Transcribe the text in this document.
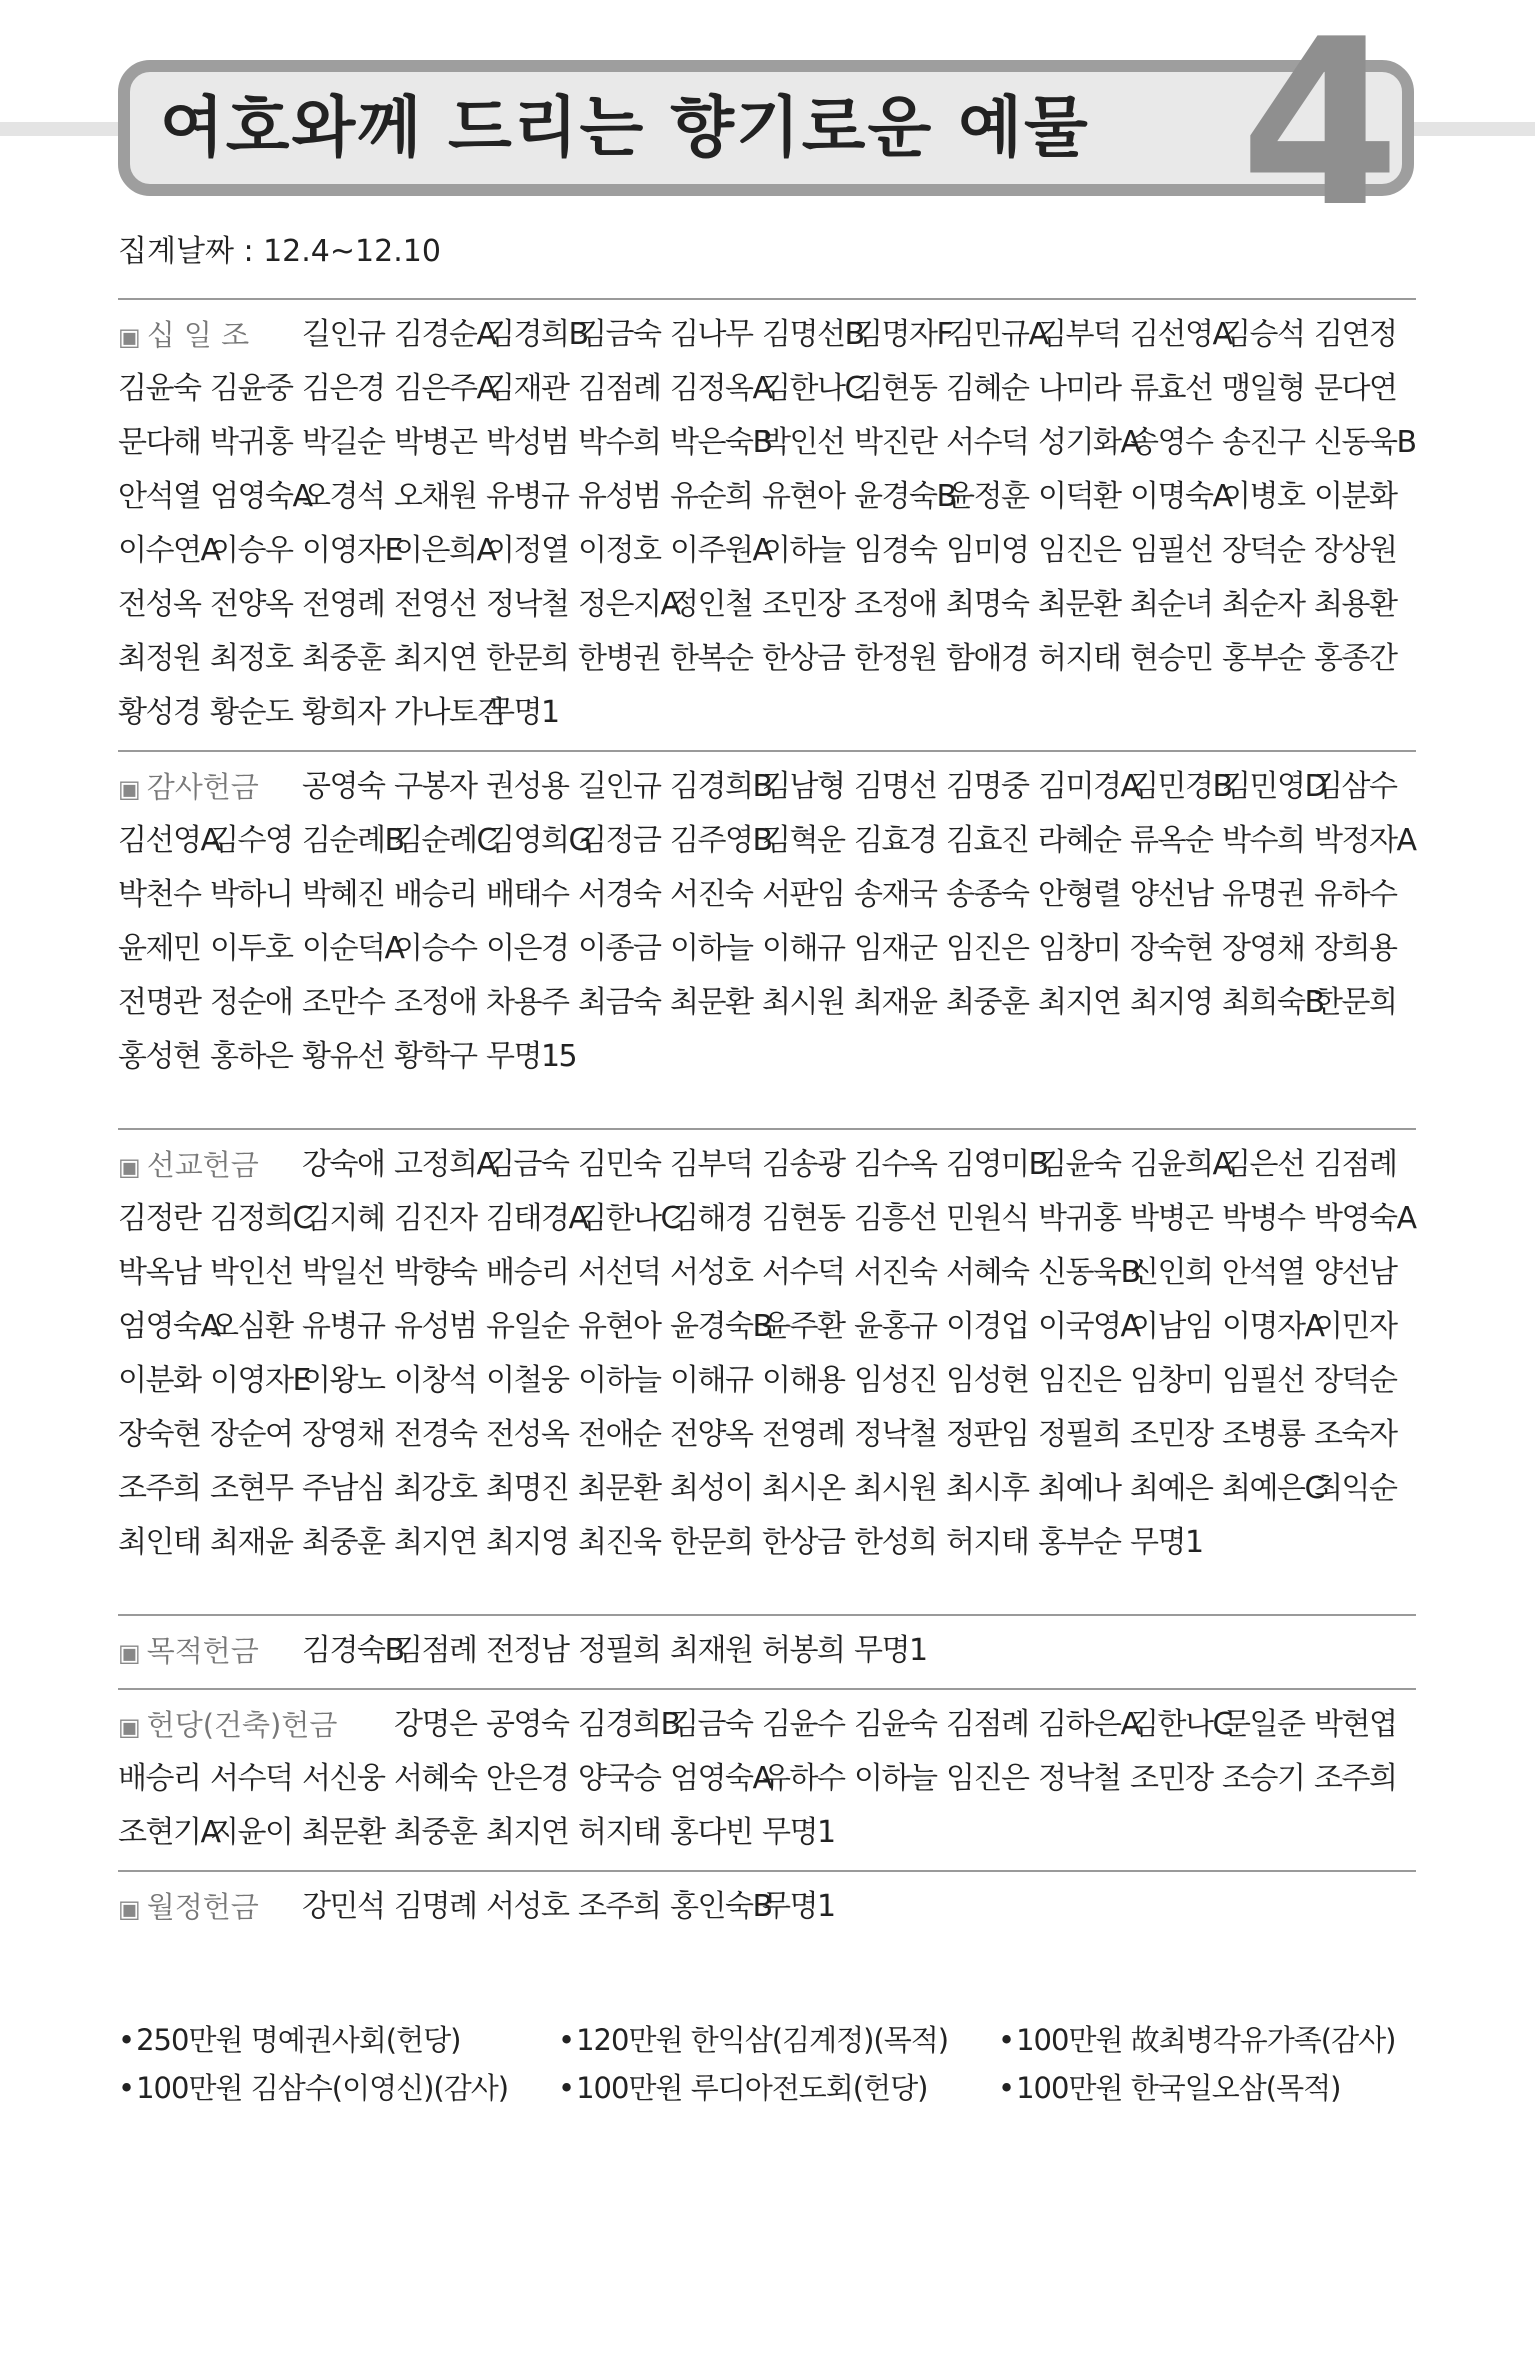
여호와께 드리는 향기로운 예물 4
집계날짜 : 12.4~12.10
▣ 십 일 조	길인규 김경순A
김경희B
김금숙 김나무 김명선B
김명자F
김민규A
김부덕 김선영A
김승석 김연정
김윤숙 김윤중 김은경 김은주A
김재관 김점례 김정옥A
김한나C
김현동 김혜순 나미라 류효선 맹일형 문다연
문다해 박귀홍 박길순 박병곤 박성범 박수희 박은숙B
박인선 박진란 서수덕 성기화A
송영수 송진구 신동욱B
안석열 엄영숙A
오경석 오채원 유병규 유성범 유순희 유현아 윤경숙B
윤정훈 이덕환 이명숙A
이병호 이분화
이수연A
이승우 이영자E
이은희A
이정열 이정호 이주원A
이하늘 임경숙 임미영 임진은 임필선 장덕순 장상원
전성옥 전양옥 전영례 전영선 정낙철 정은지A
정인철 조민장 조정애 최명숙 최문환 최순녀 최순자 최용환
최정원 최정호 최중훈 최지연 한문희 한병권 한복순 한상금 한정원 함애경 허지태 현승민 홍부순 홍종간
황성경 황순도 황희자 가나토건
무명1
▣ 감사헌금	공영숙 구봉자 권성용 길인규 김경희B
김남형 김명선 김명중 김미경A
김민경B
김민영D
김삼수
김선영A
김수영 김순례B
김순례C
김영희G
김정금 김주영B
김혁운 김효경 김효진 라혜순 류옥순 박수희 박정자A
박천수 박하니 박혜진 배승리 배태수 서경숙 서진숙 서판임 송재국 송종숙 안형렬 양선남 유명권 유하수
윤제민 이두호 이순덕A
이승수 이은경 이종금 이하늘 이해규 임재군 임진은 임창미 장숙현 장영채 장희용
전명관 정순애 조만수 조정애 차용주 최금숙 최문환 최시원 최재윤 최중훈 최지연 최지영 최희숙B
한문희
홍성현 홍하은 황유선 황학구 무명15
▣ 선교헌금	강숙애 고정희A
김금숙 김민숙 김부덕 김송광 김수옥 김영미B
김윤숙 김윤희A
김은선 김점례
김정란 김정희C
김지혜 김진자 김태경A
김한나C
김해경 김현동 김흥선 민원식 박귀홍 박병곤 박병수 박영숙A
박옥남 박인선 박일선 박향숙 배승리 서선덕 서성호 서수덕 서진숙 서혜숙 신동욱B
신인희 안석열 양선남
엄영숙A
오심환 유병규 유성범 유일순 유현아 윤경숙B
윤주환 윤홍규 이경업 이국영A
이남임 이명자A
이민자
이분화 이영자E
이왕노 이창석 이철웅 이하늘 이해규 이해용 임성진 임성현 임진은 임창미 임필선 장덕순
장숙현 장순여 장영채 전경숙 전성옥 전애순 전양옥 전영례 정낙철 정판임 정필희 조민장 조병룡 조숙자
조주희 조현무 주남심 최강호 최명진 최문환 최성이 최시온 최시원 최시후 최예나 최예은 최예은C
최익순
최인태 최재윤 최중훈 최지연 최지영 최진욱 한문희 한상금 한성희 허지태 홍부순 무명1
▣ 목적헌금	김경숙B
김점례 전정남 정필희 최재원 허봉희 무명1
▣ 헌당(건축)헌금	강명은 공영숙 김경희B
김금숙 김윤수 김윤숙 김점례 김하은A
김한나C
문일준 박현엽
배승리 서수덕 서신웅 서혜숙 안은경 양국승 엄영숙A
유하수 이하늘 임진은 정낙철 조민장 조승기 조주희
조현기A
지윤이 최문환 최중훈 최지연 허지태 홍다빈 무명1
▣ 월정헌금	강민석 김명례 서성호 조주희 홍인숙B
무명1
•250만원 명예권사회(헌당)	•120만원 한익삼(김계정)(목적)	•100만원 故최병각유가족(감사)
•100만원 김삼수(이영신)(감사)	•100만원 루디아전도회(헌당)	•100만원 한국일오삼(목적)
